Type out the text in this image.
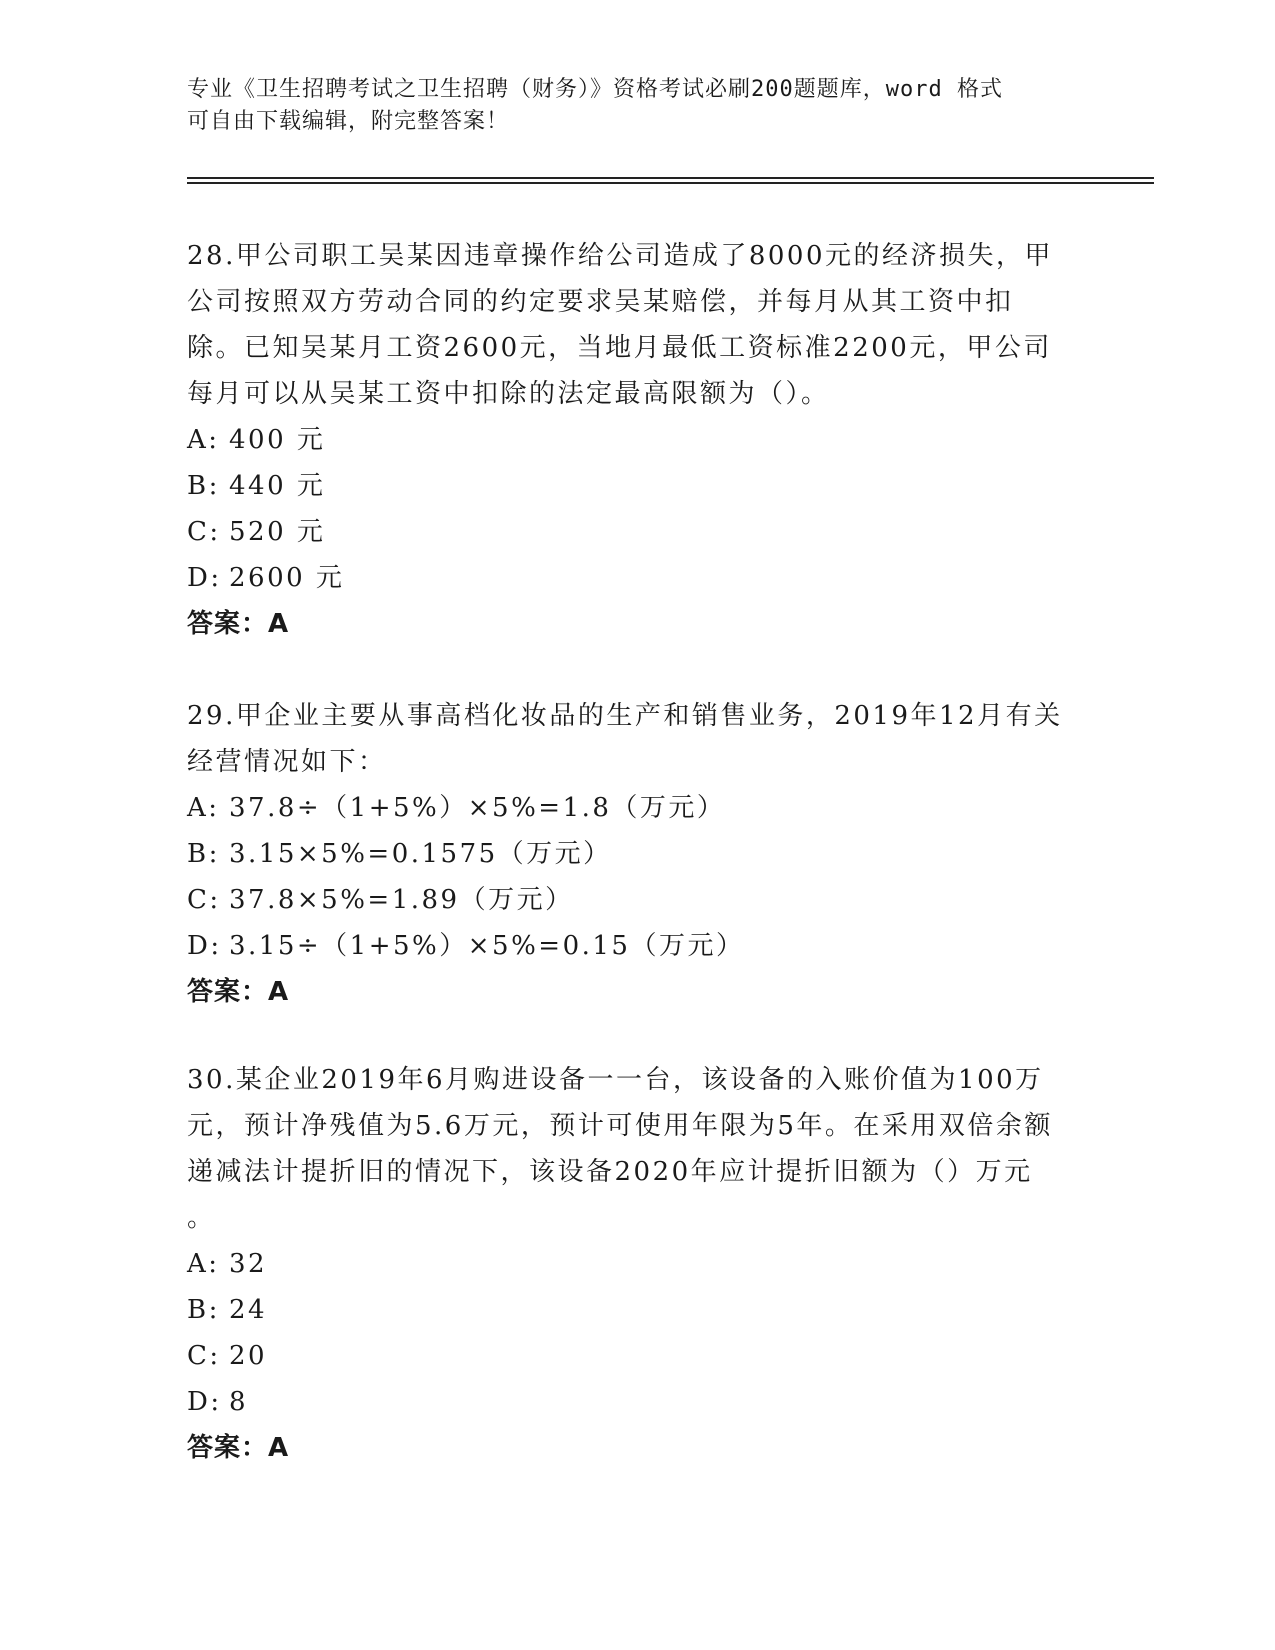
专业《卫生招聘考试之卫生招聘（财务）》资格考试必刷200题题库，word 格式
可自由下载编辑，附完整答案！
28.甲公司职工吴某因违章操作给公司造成了8000元的经济损失，甲公司按照双方劳动合同的约定要求吴某赔偿，并每月从其工资中扣除。已知吴某月工资2600元，当地月最低工资标准2200元，甲公司每月可以从吴某工资中扣除的法定最高限额为（）。
A: 400 元
B: 440 元
C: 520 元
D: 2600 元
答案：A
29.甲企业主要从事高档化妆品的生产和销售业务，2019年12月有关经营情况如下：
A: 37.8÷（1+5%）×5%=1.8（万元）
B: 3.15×5%=0.1575（万元）
C: 37.8×5%=1.89（万元）
D: 3.15÷（1+5%）×5%=0.15（万元）
答案：A
30.某企业2019年6月购进设备一一台，该设备的入账价值为100万元，预计净残值为5.6万元，预计可使用年限为5年。在采用双倍余额递减法计提折旧的情况下，该设备2020年应计提折旧额为（）万元
。
A: 32
B: 24
C: 20
D: 8
答案：A
